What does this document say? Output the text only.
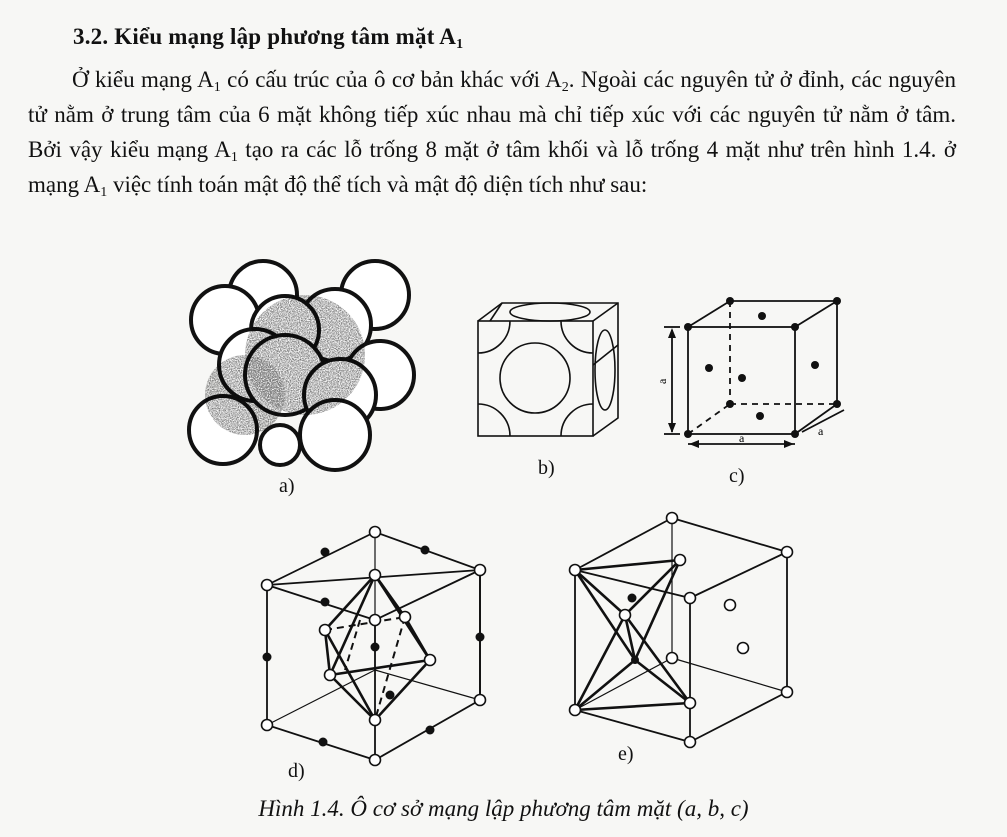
3.2. Kiểu mạng lập phương tâm mặt $A_1$
Ở kiểu mạng $A_1$ có cấu trúc của ô cơ bản khác với $A_2$. Ngoài các nguyên tử ở đỉnh, các nguyên tử nằm ở trung tâm của 6 mặt không tiếp xúc nhau mà chỉ tiếp xúc với các nguyên tử nằm ở tâm. Bởi vậy kiểu mạng $A_1$ tạo ra các lỗ trống 8 mặt ở tâm khối và lỗ trống 4 mặt như trên hình 1.4. ở mạng $A_1$ việc tính toán mật độ thể tích và mật độ diện tích như sau:
a)
b)
a
a	a
c)
d)
e)
Hình 1.4. Ô cơ sở mạng lập phương tâm mặt (a, b, c)
